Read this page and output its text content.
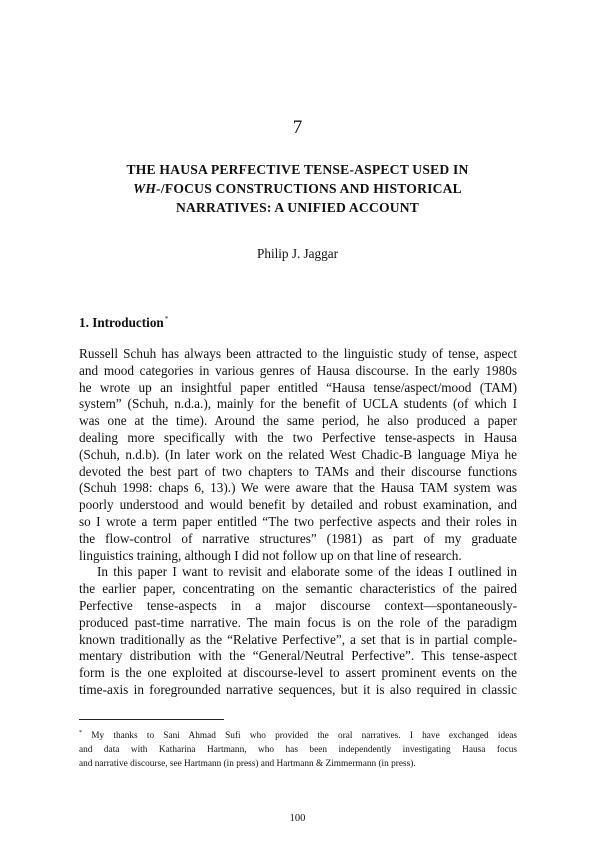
7
THE HAUSA PERFECTIVE TENSE-ASPECT USED IN
WH-/FOCUS CONSTRUCTIONS AND HISTORICAL
NARRATIVES: A UNIFIED ACCOUNT
Philip J. Jaggar
1. Introduction*

Russell Schuh has always been attracted to the linguistic study of tense, aspect
and mood categories in various genres of Hausa discourse. In the early 1980s
he wrote up an insightful paper entitled “Hausa tense/aspect/mood (TAM)
system” (Schuh, n.d.a.), mainly for the benefit of UCLA students (of which I
was one at the time). Around the same period, he also produced a paper
dealing more specifically with the two Perfective tense-aspects in Hausa
(Schuh, n.d.b). (In later work on the related West Chadic-B language Miya he
devoted the best part of two chapters to TAMs and their discourse functions
(Schuh 1998: chaps 6, 13).) We were aware that the Hausa TAM system was
poorly understood and would benefit by detailed and robust examination, and
so I wrote a term paper entitled “The two perfective aspects and their roles in
the flow-control of narrative structures” (1981) as part of my graduate
linguistics training, although I did not follow up on that line of research.

In this paper I want to revisit and elaborate some of the ideas I outlined in
the earlier paper, concentrating on the semantic characteristics of the paired
Perfective tense-aspects in a major discourse context—spontaneously-
produced past-time narrative. The main focus is on the role of the paradigm
known traditionally as the “Relative Perfective”, a set that is in partial comple-
mentary distribution with the “General/Neutral Perfective”. This tense-aspect
form is the one exploited at discourse-level to assert prominent events on the
time-axis in foregrounded narrative sequences, but it is also required in classic

* My thanks to Sani Ahmad Sufi who provided the oral narratives. I have exchanged ideas
and data with Katharina Hartmann, who has been independently investigating Hausa focus
and narrative discourse, see Hartmann (in press) and Hartmann & Zimmermann (in press).
100
